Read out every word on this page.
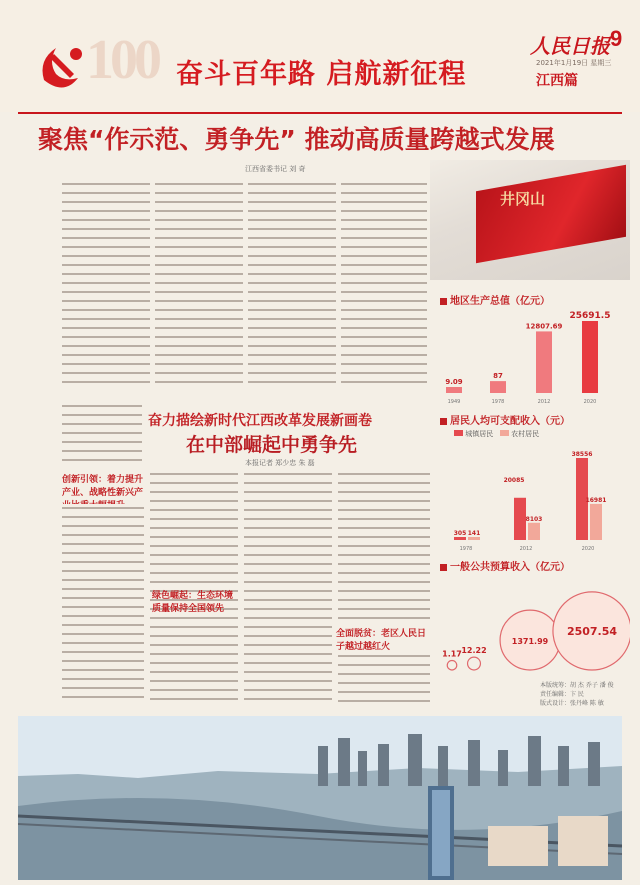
100 奋斗百年路 启航新征程
人民日报 9
2021年1月19日 星期三
江西篇
聚焦“作示范、勇争先” 推动高质量跨越式发展
江西省委书记 刘 奇
井冈山
地区生产总值（亿元）
9.09
1949
87
1978
12807.69
2012
25691.5
2020
居民人均可支配收入（元）
城镇居民	农村居民
305
38556
141
8103
16981
20085
1978	2012	2020
一般公共预算收入（亿元）
1.17 12.22
1371.99
2507.54
本版统筹：胡 杰 乔子 潘 俊
责任编辑：卞 民
版式设计：张丹峰 陈 敏
奋力描绘新时代江西改革发展新画卷
在中部崛起中勇争先
本报记者 郑少忠 朱 磊
创新引领：着力提升产业、战略性新兴产
绿色崛起：生态环境质量保持全国领先
全面脱贫：老区人民日子越过越红火
